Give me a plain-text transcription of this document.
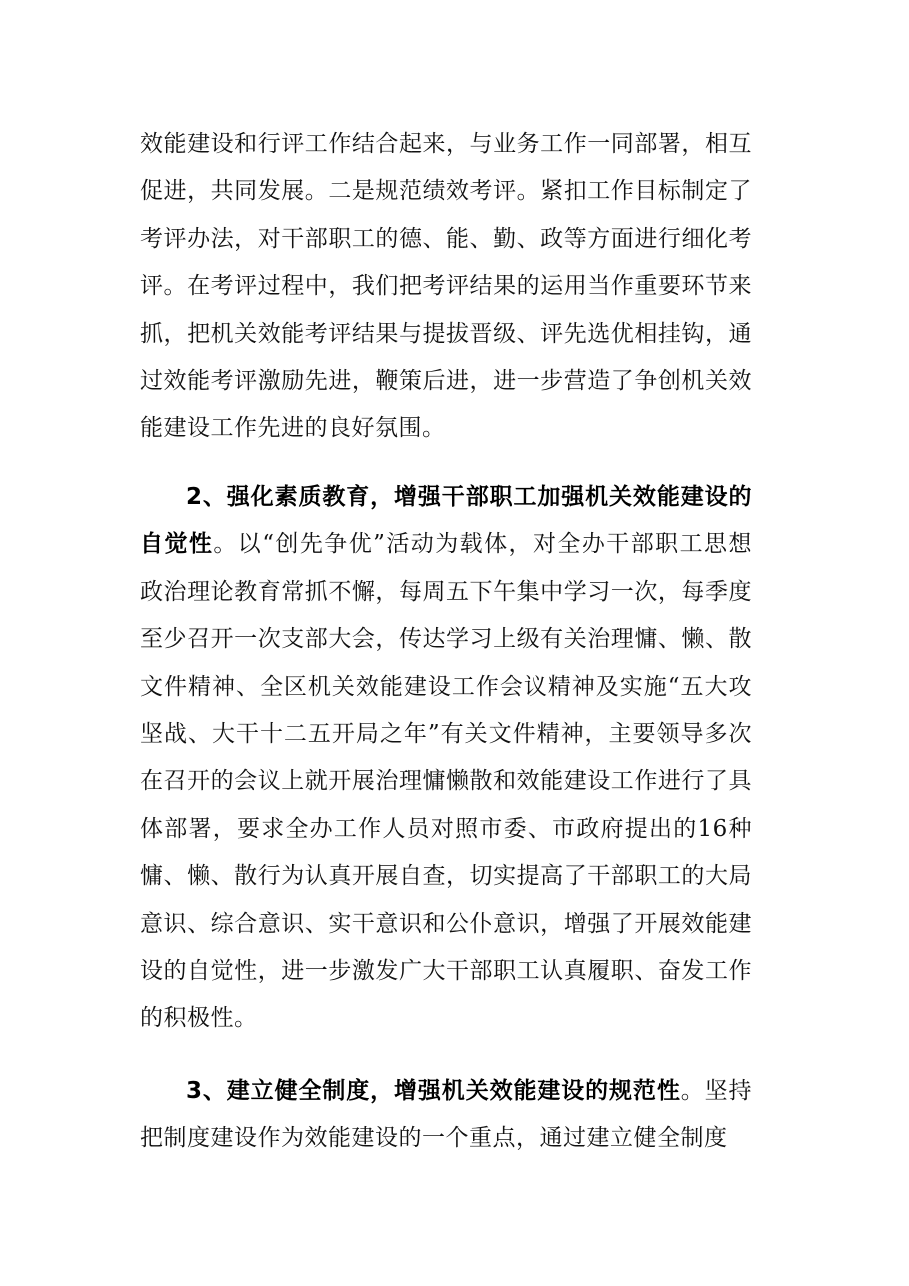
效能建设和行评工作结合起来，与业务工作一同部署，相互促进，共同发展。二是规范绩效考评。紧扣工作目标制定了考评办法，对干部职工的德、能、勤、政等方面进行细化考评。在考评过程中，我们把考评结果的运用当作重要环节来抓，把机关效能考评结果与提拔晋级、评先选优相挂钩，通过效能考评激励先进，鞭策后进，进一步营造了争创机关效能建设工作先进的良好氛围。

2、强化素质教育，增强干部职工加强机关效能建设的自觉性。以“创先争优”活动为载体，对全办干部职工思想政治理论教育常抓不懈，每周五下午集中学习一次，每季度至少召开一次支部大会，传达学习上级有关治理慵、懒、散文件精神、全区机关效能建设工作会议精神及实施“五大攻坚战、大干十二五开局之年”有关文件精神，主要领导多次在召开的会议上就开展治理慵懒散和效能建设工作进行了具体部署，要求全办工作人员对照市委、市政府提出的16种慵、懒、散行为认真开展自查，切实提高了干部职工的大局意识、综合意识、实干意识和公仆意识，增强了开展效能建设的自觉性，进一步激发广大干部职工认真履职、奋发工作的积极性。

3、建立健全制度，增强机关效能建设的规范性。坚持把制度建设作为效能建设的一个重点，通过建立健全制度
